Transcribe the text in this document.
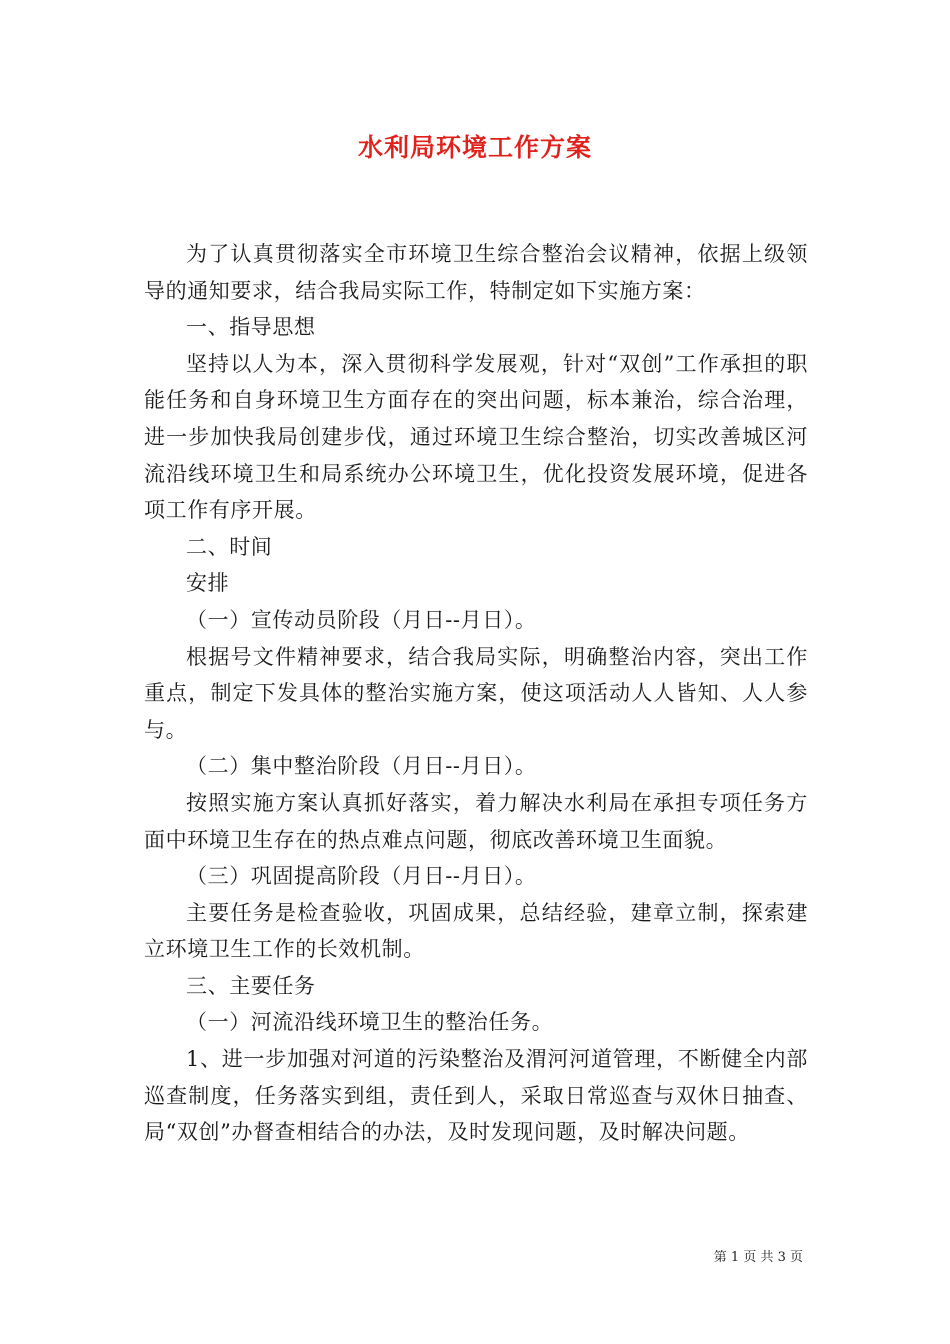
水利局环境工作方案

为了认真贯彻落实全市环境卫生综合整治会议精神，依据上级领导的通知要求，结合我局实际工作，特制定如下实施方案：

一、指导思想

坚持以人为本，深入贯彻科学发展观，针对“双创”工作承担的职能任务和自身环境卫生方面存在的突出问题，标本兼治，综合治理，进一步加快我局创建步伐，通过环境卫生综合整治，切实改善城区河流沿线环境卫生和局系统办公环境卫生，优化投资发展环境，促进各项工作有序开展。

二、时间

安排

（一）宣传动员阶段（月日--月日）。

根据号文件精神要求，结合我局实际，明确整治内容，突出工作重点，制定下发具体的整治实施方案，使这项活动人人皆知、人人参与。

（二）集中整治阶段（月日--月日）。

按照实施方案认真抓好落实，着力解决水利局在承担专项任务方面中环境卫生存在的热点难点问题，彻底改善环境卫生面貌。

（三）巩固提高阶段（月日--月日）。

主要任务是检查验收，巩固成果，总结经验，建章立制，探索建立环境卫生工作的长效机制。

三、主要任务

（一）河流沿线环境卫生的整治任务。

1、进一步加强对河道的污染整治及渭河河道管理，不断健全内部巡查制度，任务落实到组，责任到人，采取日常巡查与双休日抽查、局“双创”办督查相结合的办法，及时发现问题，及时解决问题。

第 1 页 共 3 页
